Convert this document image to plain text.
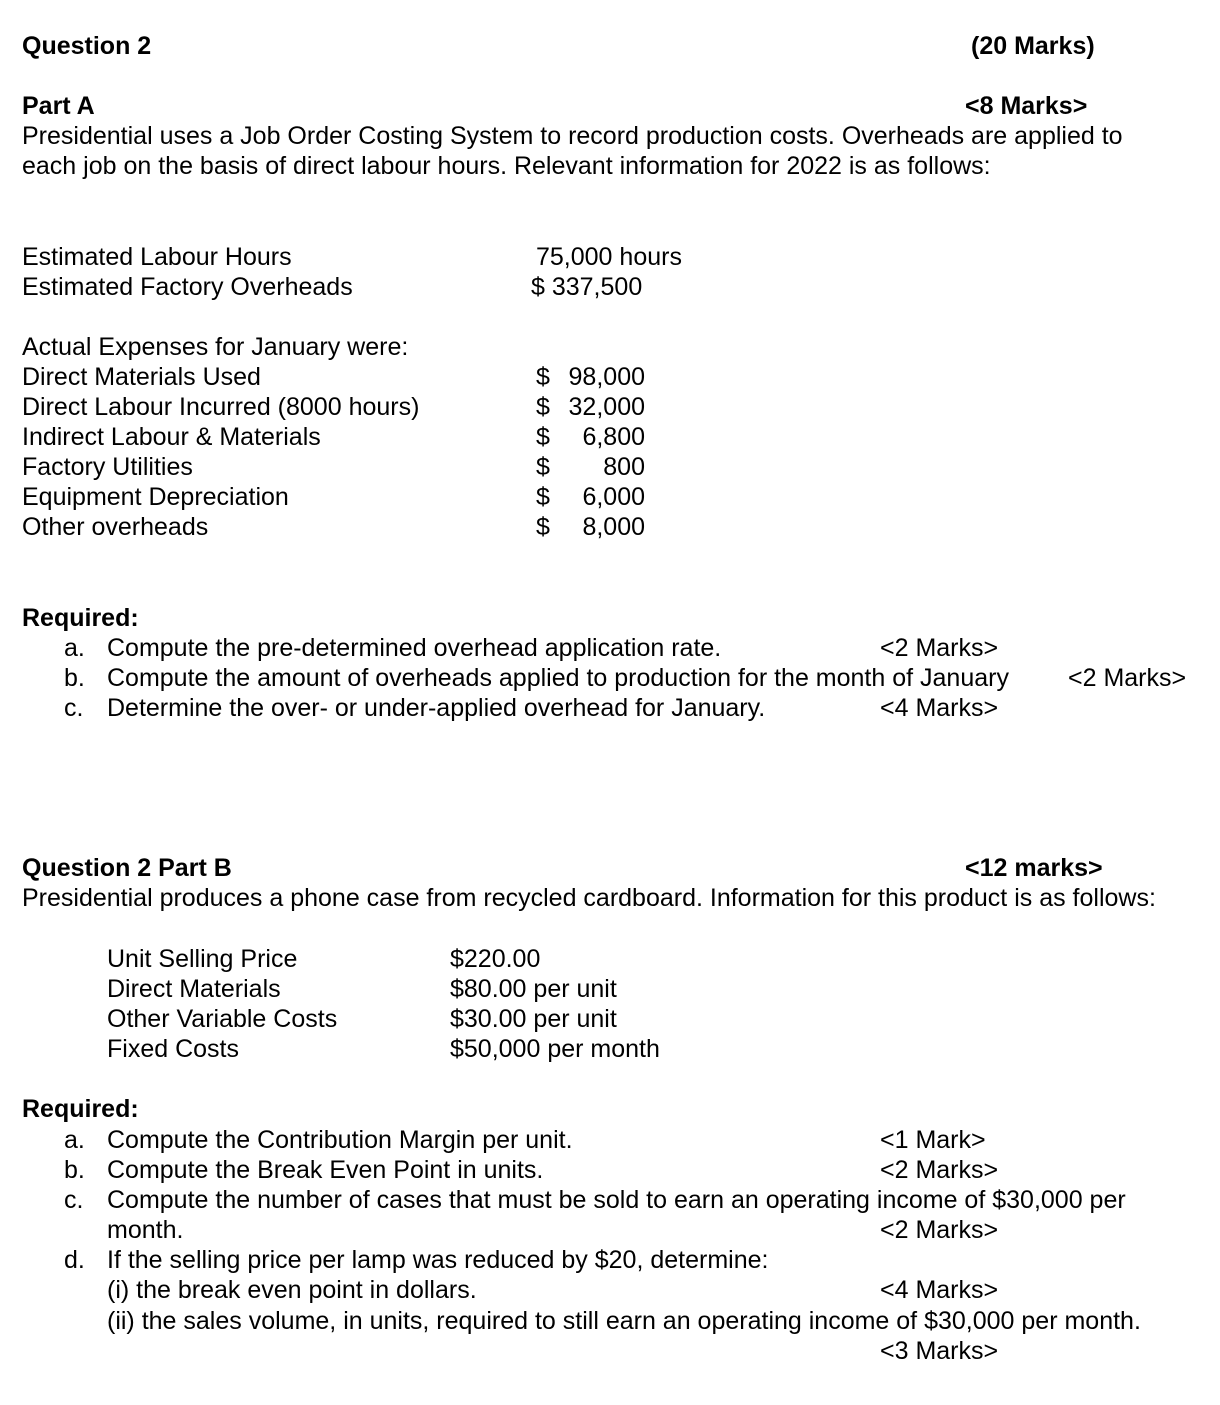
Question 2	(20 Marks)
Part A	<8 Marks>
Presidential uses a Job Order Costing System to record production costs. Overheads are applied to
each job on the basis of direct labour hours. Relevant information for 2022 is as follows:
Estimated Labour Hours	75,000 hours
Estimated Factory Overheads	$ 337,500
Actual Expenses for January were:
Direct Materials Used	$ 98,000
Direct Labour Incurred (8000 hours)	$ 32,000
Indirect Labour & Materials	$	6,800
Factory Utilities	$	800
Equipment Depreciation	$	6,000
Other overheads	$	8,000
Required:
a. Compute the pre-determined overhead application rate.	<2 Marks>
b. Compute the amount of overheads applied to production for the month of January <2 Marks>
c. Determine the over- or under-applied overhead for January.	<4 Marks>
Question 2 Part B	<12 marks>
Presidential produces a phone case from recycled cardboard. Information for this product is as follows:
Unit Selling Price	$220.00
Direct Materials	$80.00 per unit
Other Variable Costs	$30.00 per unit
Fixed Costs	$50,000 per month
Required:
a. Compute the Contribution Margin per unit.	<1 Mark>
b. Compute the Break Even Point in units.	<2 Marks>
c. Compute the number of cases that must be sold to earn an operating income of $30,000 per
month.	<2 Marks>
d. If the selling price per lamp was reduced by $20, determine:
(i) the break even point in dollars.	<4 Marks>
(ii) the sales volume, in units, required to still earn an operating income of $30,000 per month.
<3 Marks>
